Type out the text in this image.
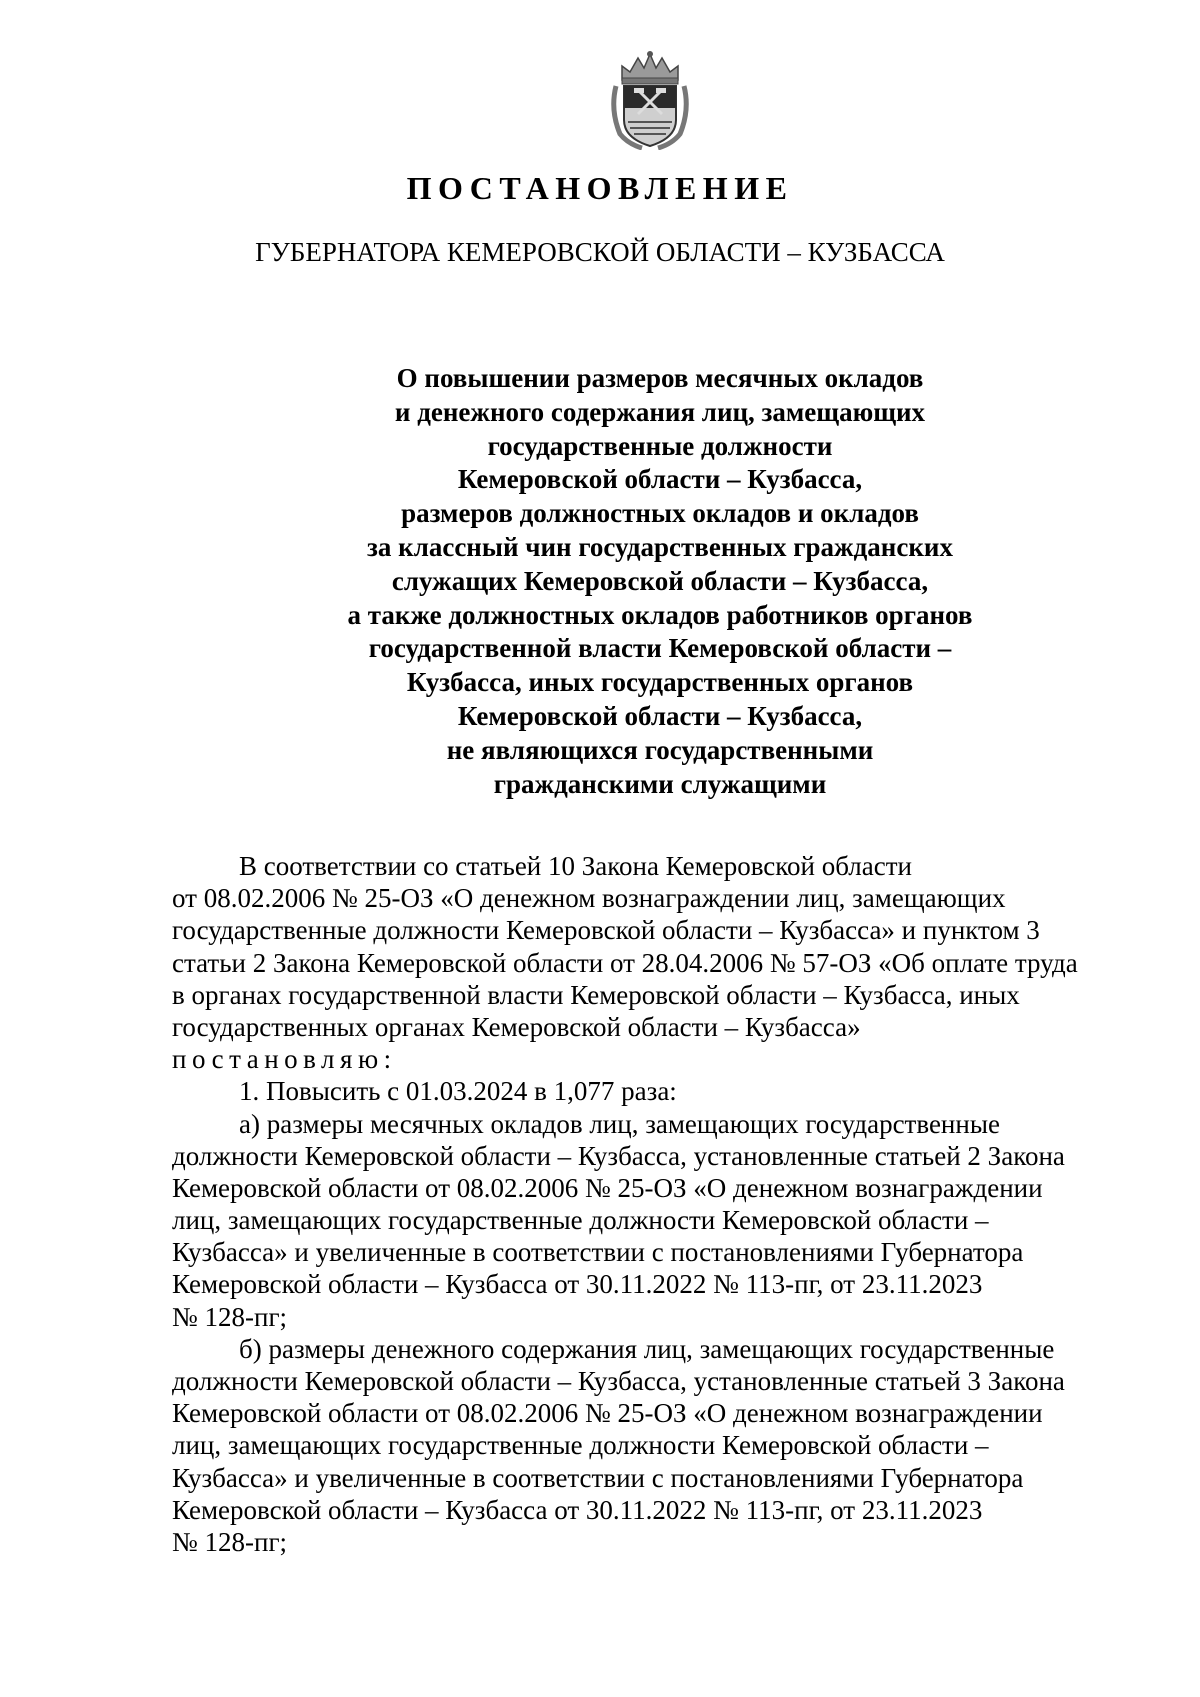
ПОСТАНОВЛЕНИЕ
ГУБЕРНАТОРА КЕМЕРОВСКОЙ ОБЛАСТИ – КУЗБАССА
О повышении размеров месячных окладов
и денежного содержания лиц, замещающих
государственные должности
Кемеровской области – Кузбасса,
размеров должностных окладов и окладов
за классный чин государственных гражданских
служащих Кемеровской области – Кузбасса,
а также должностных окладов работников органов
государственной власти Кемеровской области –
Кузбасса, иных государственных органов
Кемеровской области – Кузбасса,
не являющихся государственными
гражданскими служащими
В соответствии со статьей 10 Закона Кемеровской области
от 08.02.2006 № 25-ОЗ «О денежном вознаграждении лиц, замещающих
государственные должности Кемеровской области – Кузбасса» и пунктом 3
статьи 2 Закона Кемеровской области от 28.04.2006 № 57-ОЗ «Об оплате труда
в органах государственной власти Кемеровской области – Кузбасса, иных
государственных органах Кемеровской области – Кузбасса»
постановляю:
1. Повысить с 01.03.2024 в 1,077 раза:
а) размеры месячных окладов лиц, замещающих государственные
должности Кемеровской области – Кузбасса, установленные статьей 2 Закона
Кемеровской области от 08.02.2006 № 25-ОЗ «О денежном вознаграждении
лиц, замещающих государственные должности Кемеровской области –
Кузбасса» и увеличенные в соответствии с постановлениями Губернатора
Кемеровской области – Кузбасса от 30.11.2022 № 113-пг, от 23.11.2023
№ 128-пг;
б) размеры денежного содержания лиц, замещающих государственные
должности Кемеровской области – Кузбасса, установленные статьей 3 Закона
Кемеровской области от 08.02.2006 № 25-ОЗ «О денежном вознаграждении
лиц, замещающих государственные должности Кемеровской области –
Кузбасса» и увеличенные в соответствии с постановлениями Губернатора
Кемеровской области – Кузбасса от 30.11.2022 № 113-пг, от 23.11.2023
№ 128-пг;
